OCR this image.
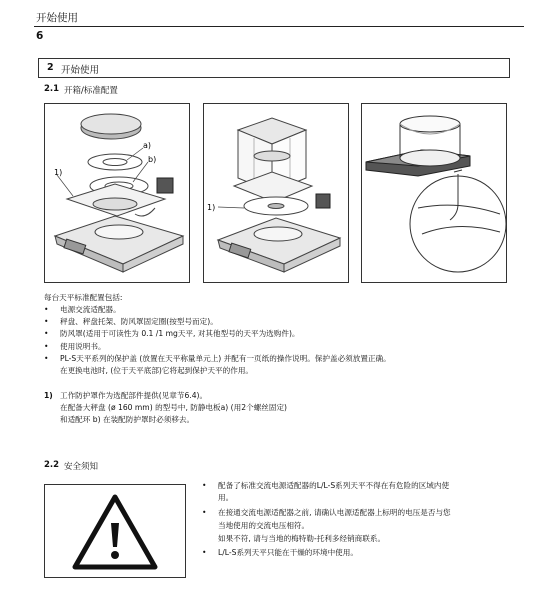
开始使用
6
2 开始使用
2.1 开箱/标准配置
1)
a)
b)
1)
每台天平标准配置包括:
• 电源交流适配器。
• 秤盘、秤盘托架、防风罩固定圈(按型号而定)。
• 防风罩(适用于可读性为 0.1 /1 mg天平, 对其他型号的天平为选购件)。
• 使用说明书。
• PL-S天平系列的保护盖 (放置在天平称量单元上) 并配有一页纸的操作说明。保护盖必须放置正确。
在更换电池时, (位于天平底部)它将起到保护天平的作用。
1) 工作防护罩作为选配部件提供(见章节6.4)。
在配备大秤盘 (ø 160 mm) 的型号中, 防静电板a) (用2个螺丝固定)
和适配环 b) 在装配防护罩时必须移去。
2.2 安全须知
• 配备了标准交流电源适配器的L/L-S系列天平不得在有危险的区域内使
用。
• 在接通交流电源适配器之前, 请确认电源适配器上标明的电压是否与您
当地使用的交流电压相符。
如果不符, 请与当地的梅特勒-托利多经销商联系。
• L/L-S系列天平只能在干燥的环境中使用。
